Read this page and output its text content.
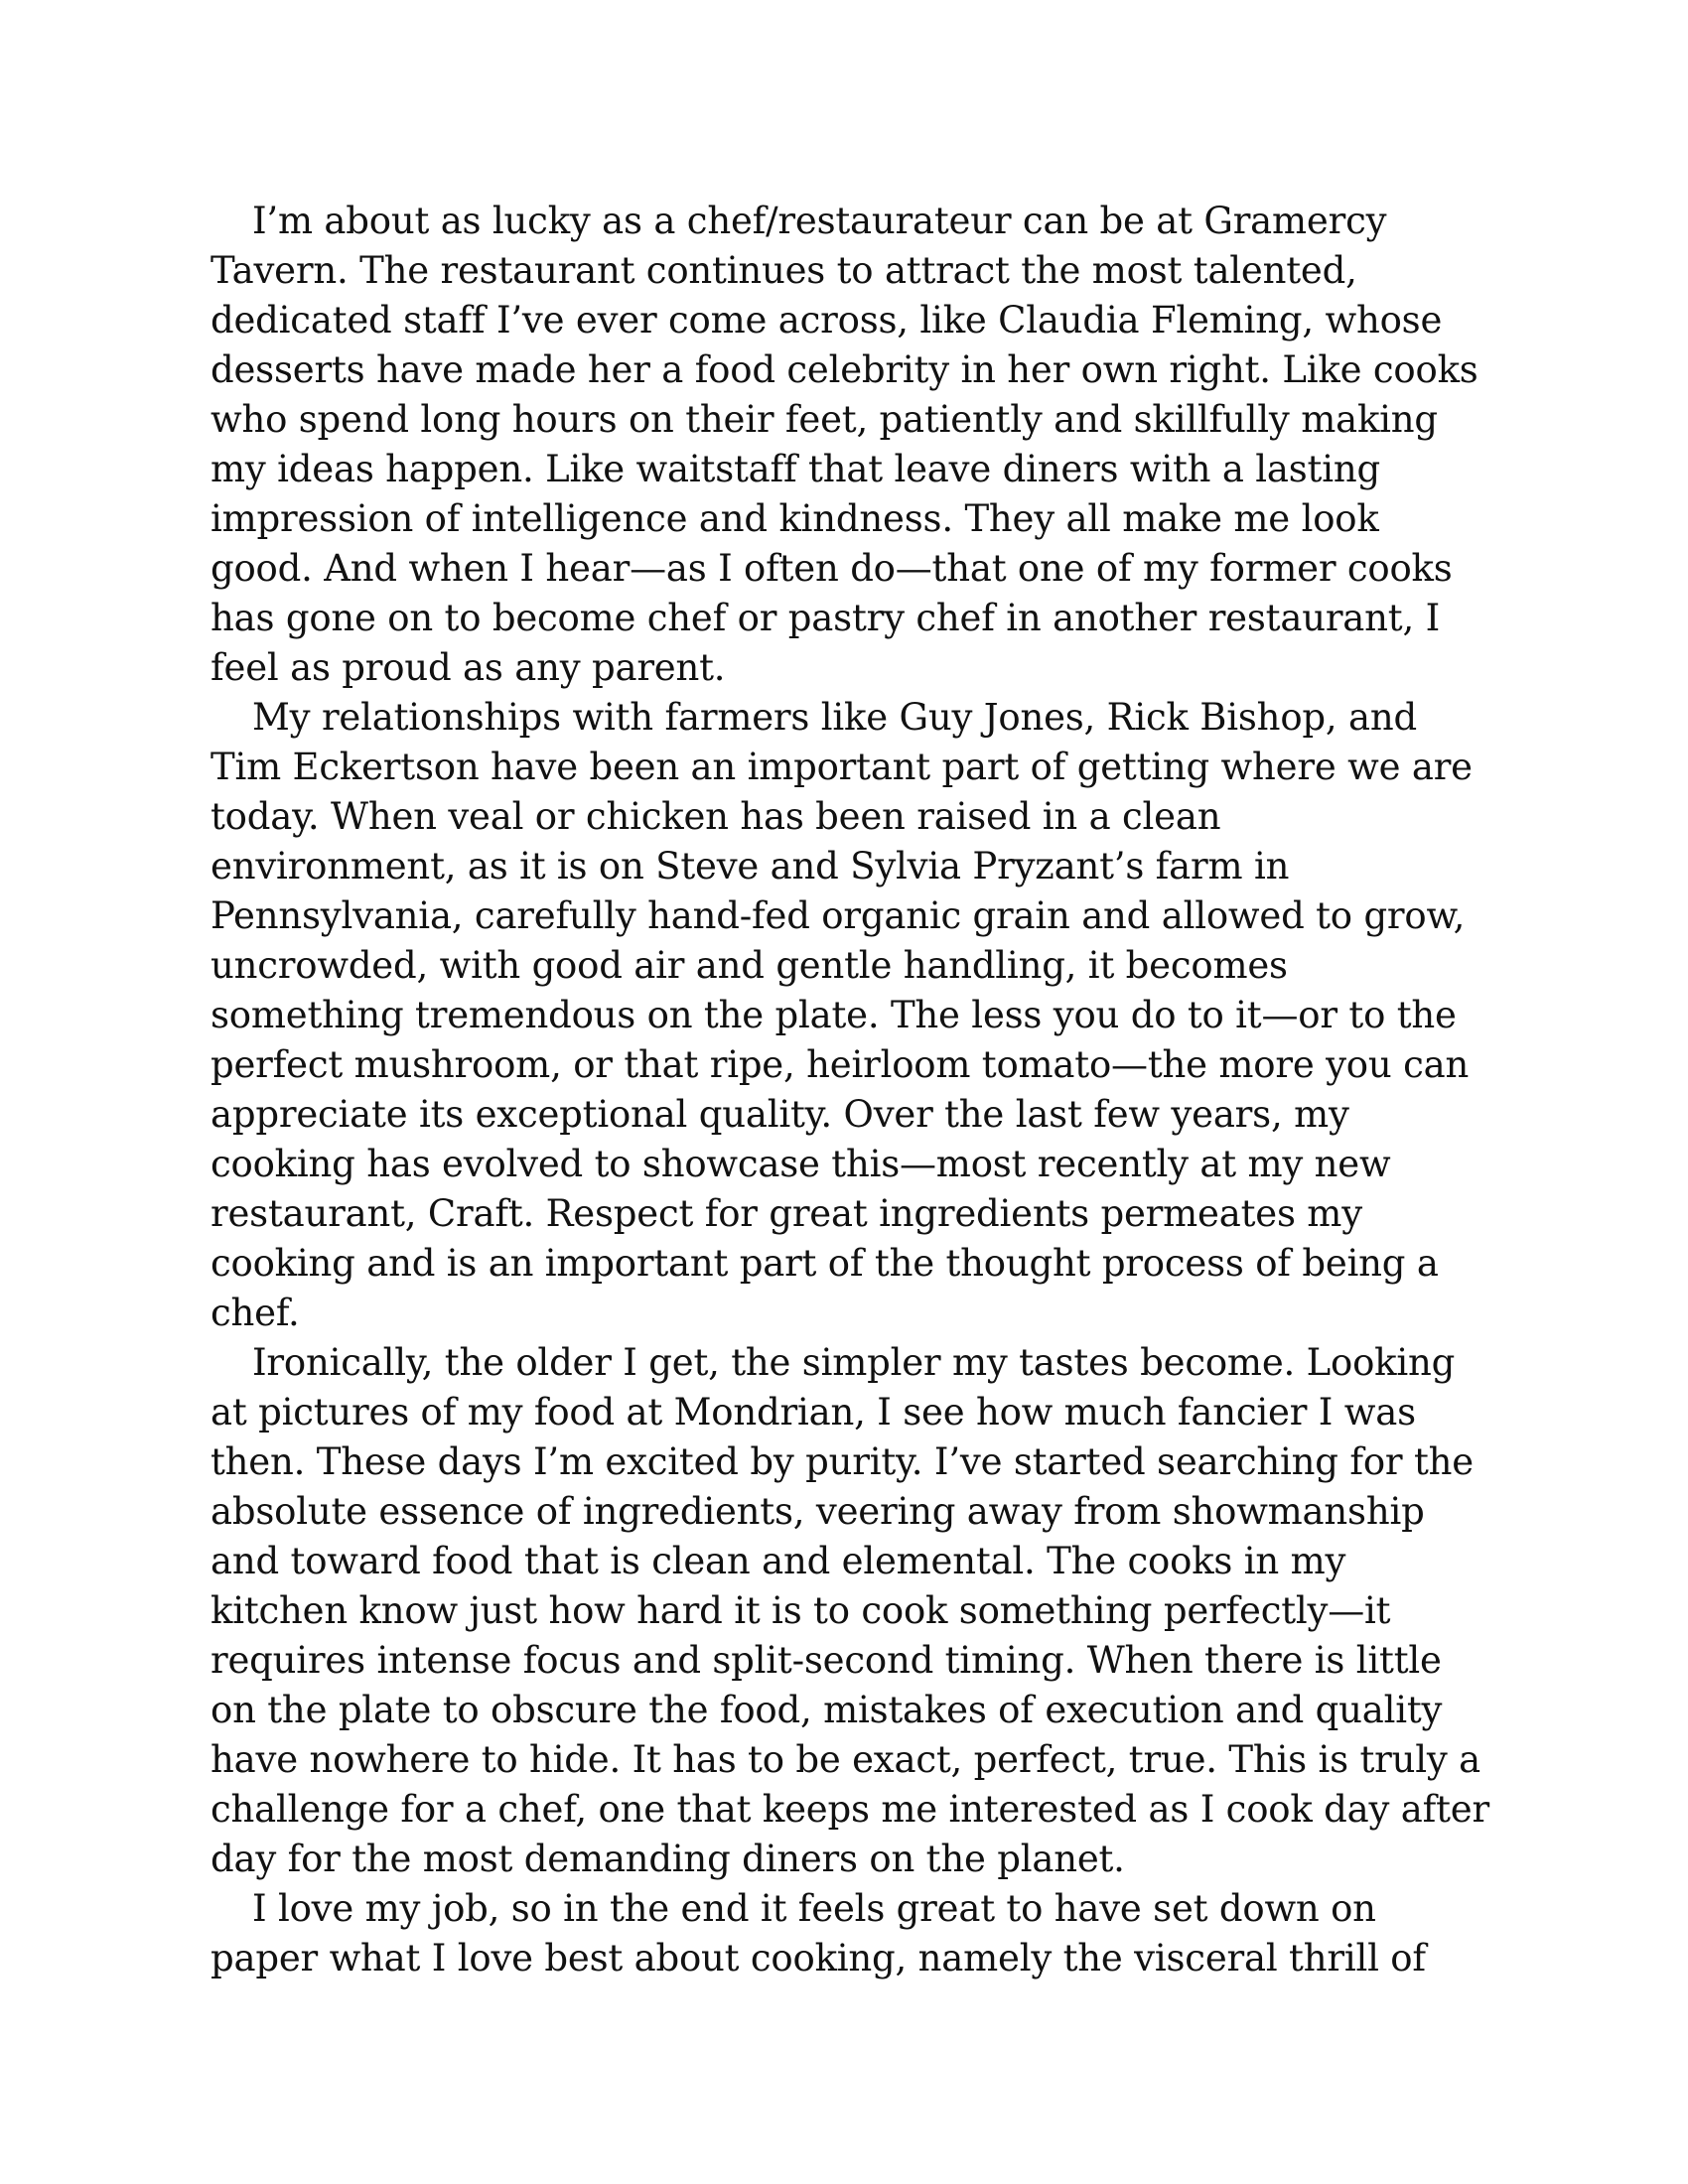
I’m about as lucky as a chef/restaurateur can be at Gramercy
Tavern. The restaurant continues to attract the most talented,
dedicated staff I’ve ever come across, like Claudia Fleming, whose
desserts have made her a food celebrity in her own right. Like cooks
who spend long hours on their feet, patiently and skillfully making
my ideas happen. Like waitstaff that leave diners with a lasting
impression of intelligence and kindness. They all make me look
good. And when I hear—as I often do—that one of my former cooks
has gone on to become chef or pastry chef in another restaurant, I
feel as proud as any parent.
My relationships with farmers like Guy Jones, Rick Bishop, and
Tim Eckertson have been an important part of getting where we are
today. When veal or chicken has been raised in a clean
environment, as it is on Steve and Sylvia Pryzant’s farm in
Pennsylvania, carefully hand-fed organic grain and allowed to grow,
uncrowded, with good air and gentle handling, it becomes
something tremendous on the plate. The less you do to it—or to the
perfect mushroom, or that ripe, heirloom tomato—the more you can
appreciate its exceptional quality. Over the last few years, my
cooking has evolved to showcase this—most recently at my new
restaurant, Craft. Respect for great ingredients permeates my
cooking and is an important part of the thought process of being a
chef.
Ironically, the older I get, the simpler my tastes become. Looking
at pictures of my food at Mondrian, I see how much fancier I was
then. These days I’m excited by purity. I’ve started searching for the
absolute essence of ingredients, veering away from showmanship
and toward food that is clean and elemental. The cooks in my
kitchen know just how hard it is to cook something perfectly—it
requires intense focus and split-second timing. When there is little
on the plate to obscure the food, mistakes of execution and quality
have nowhere to hide. It has to be exact, perfect, true. This is truly a
challenge for a chef, one that keeps me interested as I cook day after
day for the most demanding diners on the planet.
I love my job, so in the end it feels great to have set down on
paper what I love best about cooking, namely the visceral thrill of
